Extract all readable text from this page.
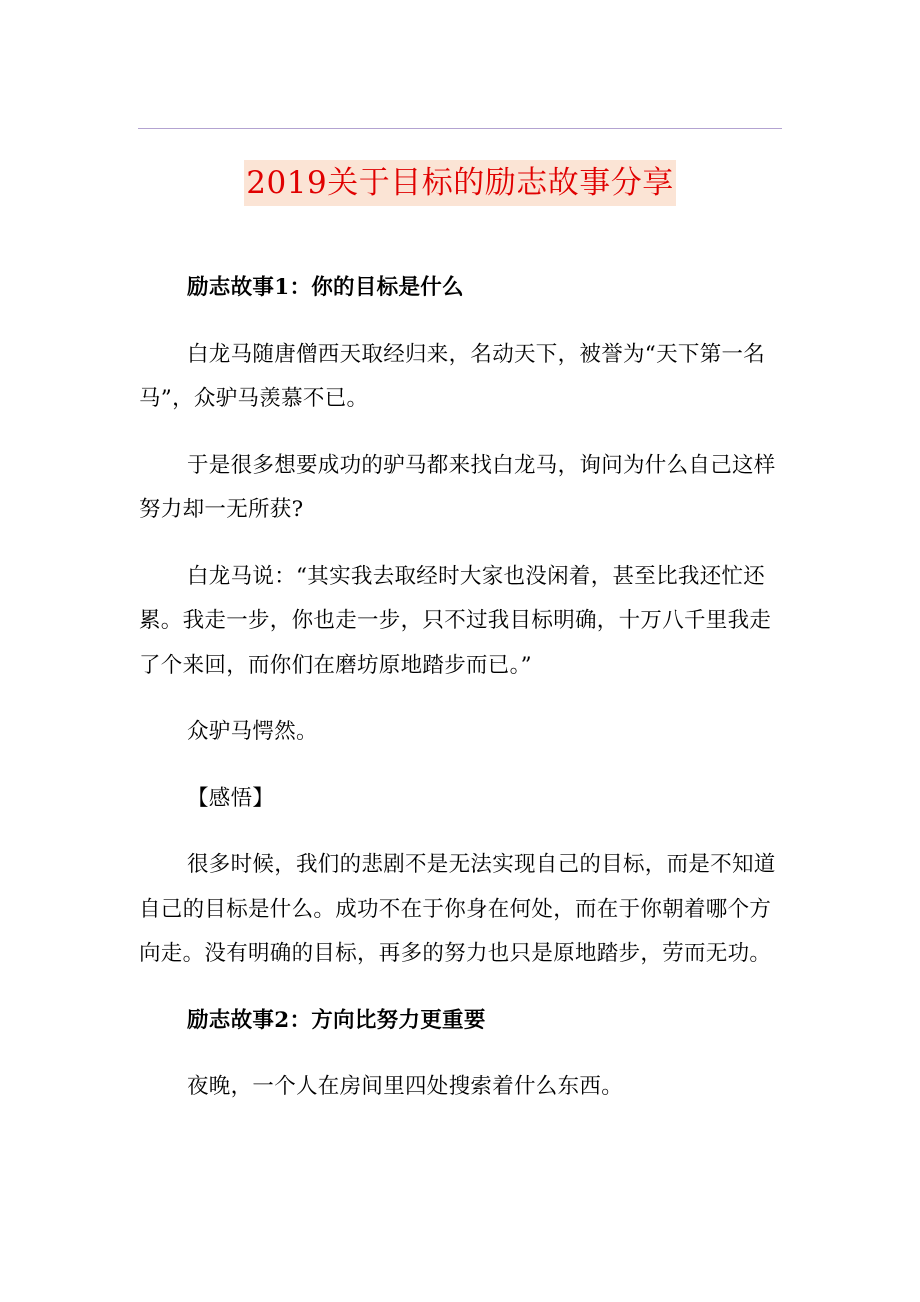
2019关于目标的励志故事分享

励志故事1：你的目标是什么

白龙马随唐僧西天取经归来，名动天下，被誉为“天下第一名马”，众驴马羡慕不已。

于是很多想要成功的驴马都来找白龙马，询问为什么自己这样努力却一无所获?

白龙马说：“其实我去取经时大家也没闲着，甚至比我还忙还累。我走一步，你也走一步，只不过我目标明确，十万八千里我走了个来回，而你们在磨坊原地踏步而已。”

众驴马愕然。

【感悟】

很多时候，我们的悲剧不是无法实现自己的目标，而是不知道自己的目标是什么。成功不在于你身在何处，而在于你朝着哪个方向走。没有明确的目标，再多的努力也只是原地踏步，劳而无功。

励志故事2：方向比努力更重要

夜晚，一个人在房间里四处搜索着什么东西。
